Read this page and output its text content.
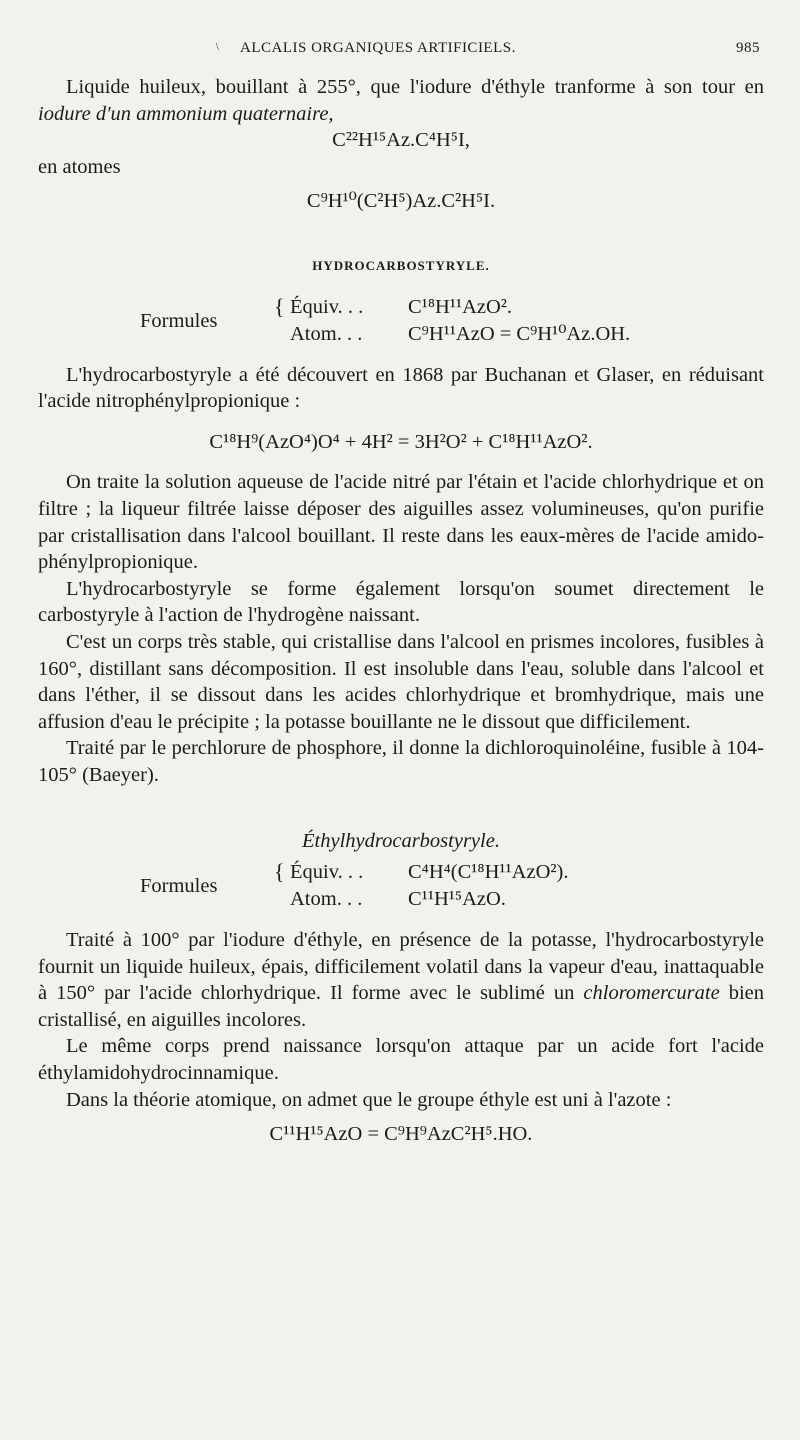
\ ALCALIS ORGANIQUES ARTIFICIELS.	985

Liquide huileux, bouillant à 255°, que l'iodure d'éthyle tranforme à son tour en iodure d'un ammonium quaternaire,

C²²H¹⁵Az.C⁴H⁵I,

en atomes

C⁹H¹⁰(C²H⁵)Az.C²H⁵I.

HYDROCARBOSTYRYLE.

Formules
{ Équiv. . . C¹⁸H¹¹AzO².
Atom. . . C⁹H¹¹AzO = C⁹H¹⁰Az.OH.

L'hydrocarbostyryle a été découvert en 1868 par Buchanan et Glaser, en réduisant l'acide nitrophénylpropionique :

C¹⁸H⁹(AzO⁴)O⁴ + 4H² = 3H²O² + C¹⁸H¹¹AzO².

On traite la solution aqueuse de l'acide nitré par l'étain et l'acide chlorhydrique et on filtre ; la liqueur filtrée laisse déposer des aiguilles assez volumineuses, qu'on purifie par cristallisation dans l'alcool bouillant. Il reste dans les eaux-mères de l'acide amido-phénylpropionique.

L'hydrocarbostyryle se forme également lorsqu'on soumet directement le carbostyryle à l'action de l'hydrogène naissant.

C'est un corps très stable, qui cristallise dans l'alcool en prismes incolores, fusibles à 160°, distillant sans décomposition. Il est insoluble dans l'eau, soluble dans l'alcool et dans l'éther, il se dissout dans les acides chlorhydrique et bromhydrique, mais une affusion d'eau le précipite ; la potasse bouillante ne le dissout que difficilement.

Traité par le perchlorure de phosphore, il donne la dichloroquinoléine, fusible à 104-105° (Baeyer).

Éthylhydrocarbostyryle.

Formules
{ Équiv. . . C⁴H⁴(C¹⁸H¹¹AzO²).
Atom. . . C¹¹H¹⁵AzO.

Traité à 100° par l'iodure d'éthyle, en présence de la potasse, l'hydrocarbostyryle fournit un liquide huileux, épais, difficilement volatil dans la vapeur d'eau, inattaquable à 150° par l'acide chlorhydrique. Il forme avec le sublimé un chloromercurate bien cristallisé, en aiguilles incolores.

Le même corps prend naissance lorsqu'on attaque par un acide fort l'acide éthylamidohydrocinnamique.

Dans la théorie atomique, on admet que le groupe éthyle est uni à l'azote :

C¹¹H¹⁵AzO = C⁹H⁹AzC²H⁵.HO.
